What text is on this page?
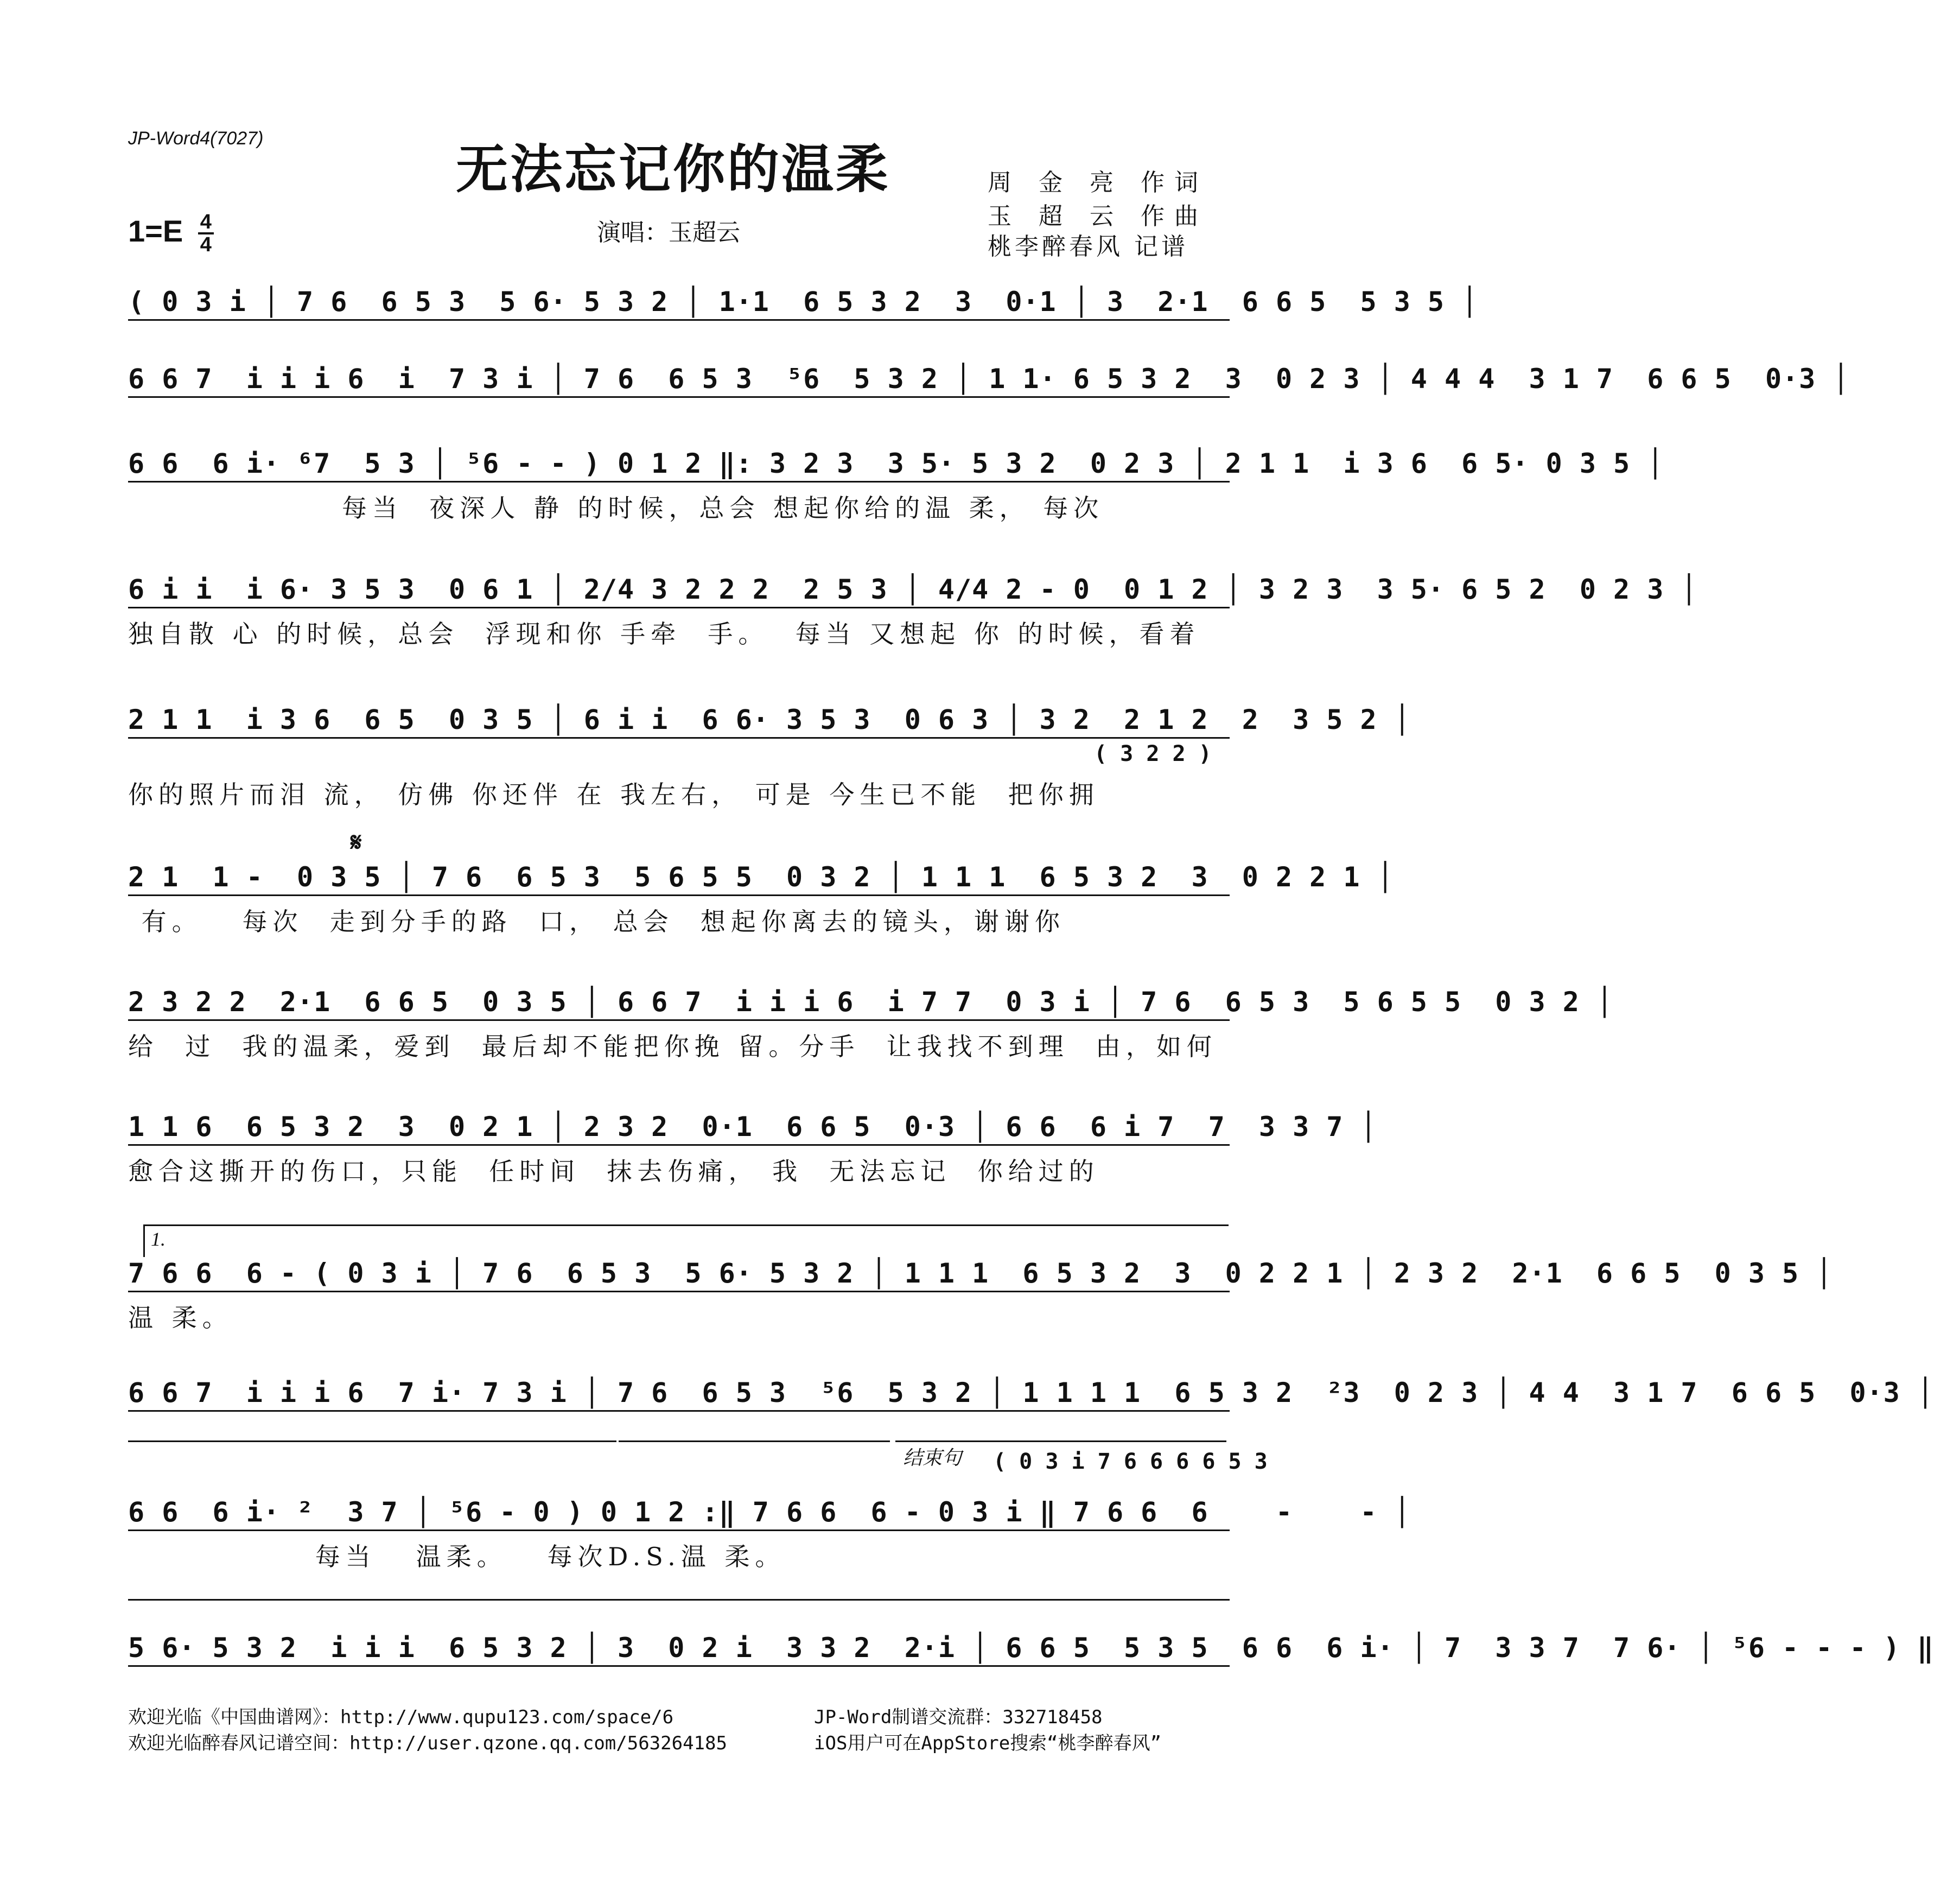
JP-Word4(7027)	无法忘记你的温柔	周 金 亮 作词
玉 超 云 作曲
桃李醉春风 记谱
$1=E \frac{4}{4}$	演唱：玉超云
( 0 3 i │ 7 6  6 5 3  5 6· 5 3 2 │ 1·1  6 5 3 2  3  0·1 │ 3  2·1  6 6 5  5 3 5 │
6 6 7  i i i 6  i  7 3 i │ 7 6  6 5 3  ⁵6  5 3 2 │ 1 1· 6 5 3 2  3  0 2 3 │ 4 4 4  3 1 7  6 6 5  0·3 │
6 6  6 i· ⁶7  5 3 │ ⁵6 - - ) 0 1 2 ‖: 3 2 3  3 5· 5 3 2  0 2 3 │ 2 1 1  i 3 6  6 5· 0 3 5 │
每当  夜深人 静 的时候，总会 想起你给的温 柔， 每次
6 i i  i 6· 3 5 3  0 6 1 │ 2/4 3 2 2 2  2 5 3 │ 4/4 2 - 0  0 1 2 │ 3 2 3  3 5· 6 5 2  0 2 3 │
独自散 心 的时候，总会  浮现和你 手牵  手。  每当 又想起 你 的时候，看着
2 1 1  i 3 6  6 5  0 3 5 │ 6 i i  6 6· 3 5 3  0 6 3 │ 3 2  2 1 2  2  3 5 2 │
( 3 2 2 )
你的照片而泪 流， 仿佛 你还伴 在 我左右， 可是 今生已不能  把你拥
𝄋
2 1  1 -  0 3 5 │ 7 6  6 5 3  5 6 5 5  0 3 2 │ 1 1 1  6 5 3 2  3  0 2 2 1 │
有。   每次  走到分手的路  口， 总会  想起你离去的镜头，谢谢你
2 3 2 2  2·1  6 6 5  0 3 5 │ 6 6 7  i i i 6  i 7 7  0 3 i │ 7 6  6 5 3  5 6 5 5  0 3 2 │
给  过  我的温柔，爱到  最后却不能把你挽 留。分手  让我找不到理  由，如何
1 1 6  6 5 3 2  3  0 2 1 │ 2 3 2  0·1  6 6 5  0·3 │ 6 6  6 i 7  7  3 3 7 │
愈合这撕开的伤口，只能  任时间  抹去伤痛， 我  无法忘记  你给过的
1.
7 6 6  6 - ( 0 3 i │ 7 6  6 5 3  5 6· 5 3 2 │ 1 1 1  6 5 3 2  3  0 2 2 1 │ 2 3 2  2·1  6 6 5  0 3 5 │
温 柔。
6 6 7  i i i 6  7 i· 7 3 i │ 7 6  6 5 3  ⁵6  5 3 2 │ 1 1 1 1  6 5 3 2  ²3  0 2 3 │ 4 4  3 1 7  6 6 5  0·3 │
结束句 ( 0 3 i 7 6 6 6 6 5 3
6 6  6 i· ²  3 7 │ ⁵6 - 0 ) 0 1 2 :‖ 7 6 6  6 - 0 3 i ‖ 7 6 6  6    -    - │
每当   温柔。   每次D.S.温 柔。
5 6· 5 3 2  i i i  6 5 3 2 │ 3  0 2 i  3 3 2  2·i │ 6 6 5  5 3 5  6 6  6 i· │ 7  3 3 7  7 6· │ ⁵6 - - - ) ‖
欢迎光临《中国曲谱网》：http://www.qupu123.com/space/6
欢迎光临醉春风记谱空间：http://user.qzone.qq.com/563264185
JP-Word制谱交流群：332718458
iOS用户可在AppStore搜索“桃李醉春风”
